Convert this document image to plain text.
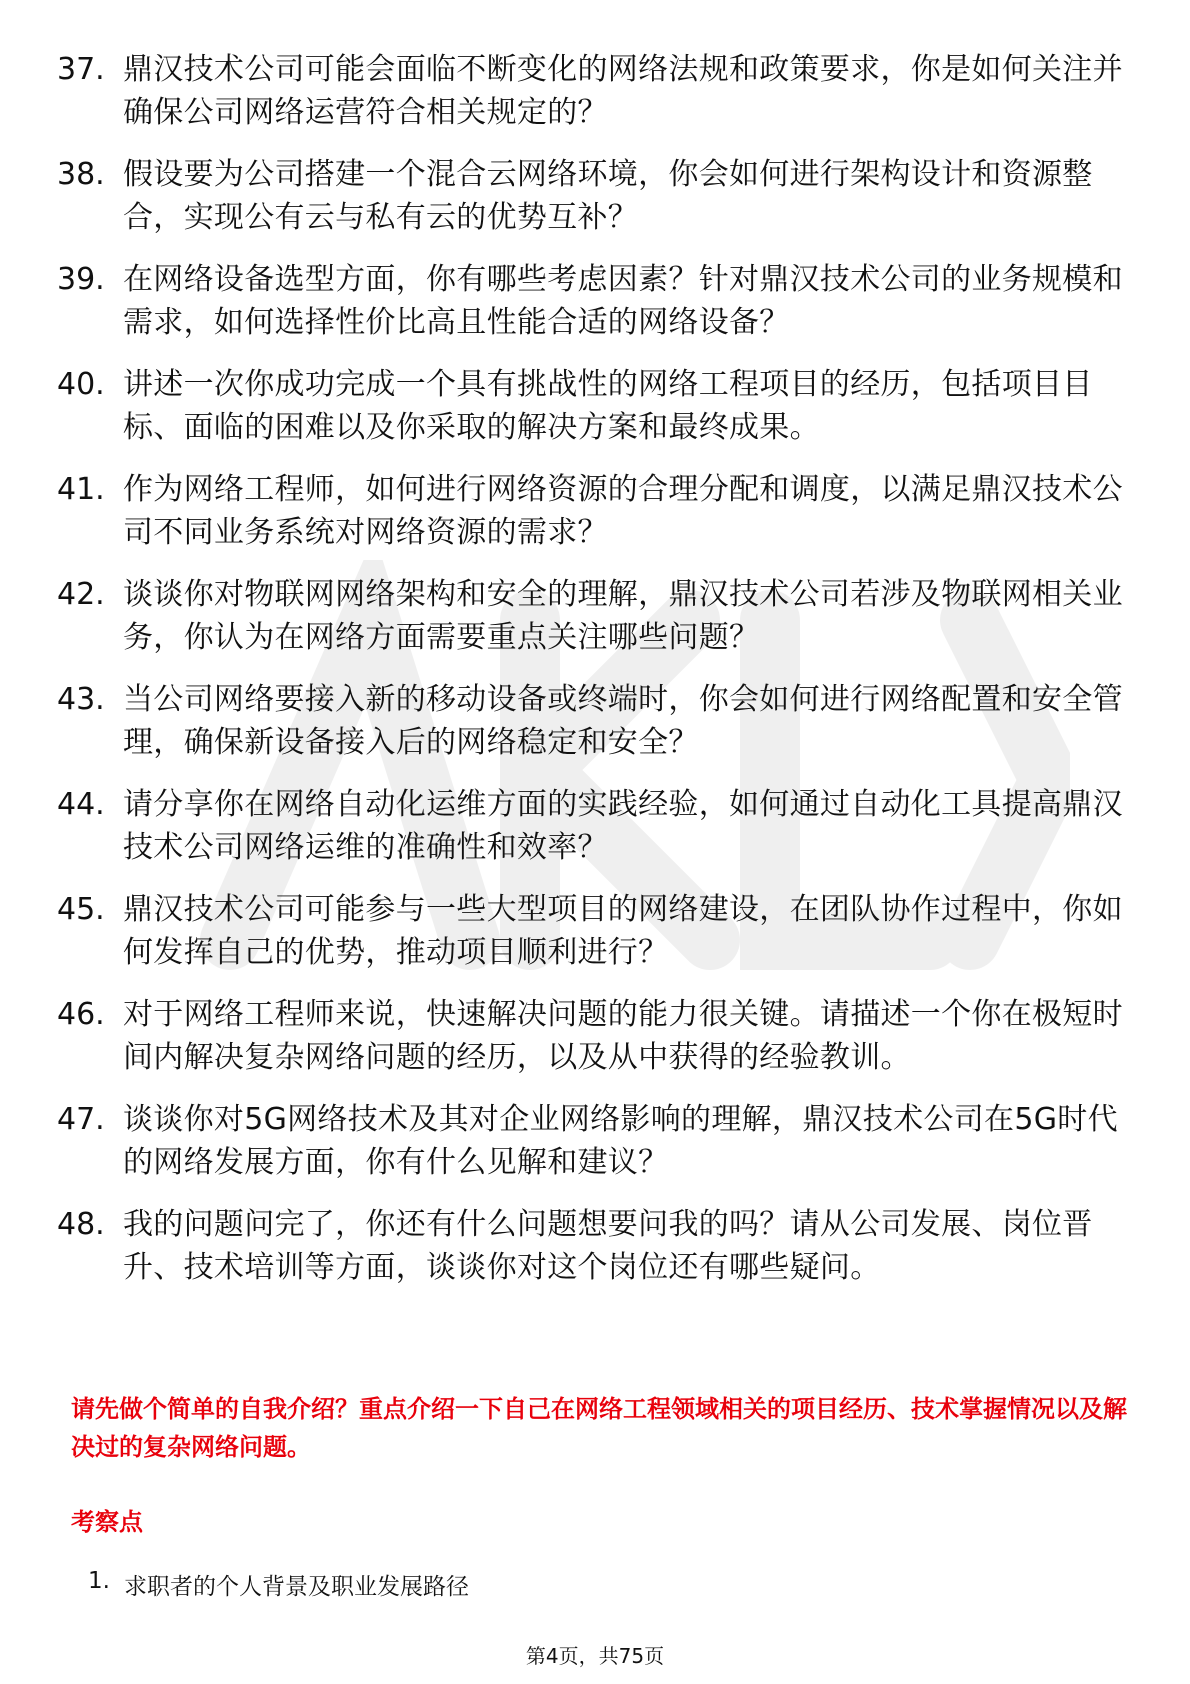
37. 鼎汉技术公司可能会面临不断变化的网络法规和政策要求，你是如何关注并确保公司网络运营符合相关规定的？
38. 假设要为公司搭建一个混合云网络环境，你会如何进行架构设计和资源整合，实现公有云与私有云的优势互补？
39. 在网络设备选型方面，你有哪些考虑因素？针对鼎汉技术公司的业务规模和需求，如何选择性价比高且性能合适的网络设备？
40. 讲述一次你成功完成一个具有挑战性的网络工程项目的经历，包括项目目标、面临的困难以及你采取的解决方案和最终成果。
41. 作为网络工程师，如何进行网络资源的合理分配和调度，以满足鼎汉技术公司不同业务系统对网络资源的需求？
42. 谈谈你对物联网网络架构和安全的理解，鼎汉技术公司若涉及物联网相关业务，你认为在网络方面需要重点关注哪些问题？
43. 当公司网络要接入新的移动设备或终端时，你会如何进行网络配置和安全管理，确保新设备接入后的网络稳定和安全？
44. 请分享你在网络自动化运维方面的实践经验，如何通过自动化工具提高鼎汉技术公司网络运维的准确性和效率？
45. 鼎汉技术公司可能参与一些大型项目的网络建设，在团队协作过程中，你如何发挥自己的优势，推动项目顺利进行？
46. 对于网络工程师来说，快速解决问题的能力很关键。请描述一个你在极短时间内解决复杂网络问题的经历，以及从中获得的经验教训。
47. 谈谈你对5G网络技术及其对企业网络影响的理解，鼎汉技术公司在5G时代的网络发展方面，你有什么见解和建议？
48. 我的问题问完了，你还有什么问题想要问我的吗？请从公司发展、岗位晋升、技术培训等方面，谈谈你对这个岗位还有哪些疑问。
请先做个简单的自我介绍？重点介绍一下自己在网络工程领域相关的项目经历、技术掌握情况以及解决过的复杂网络问题。
考察点
1. 求职者的个人背景及职业发展路径
第4页，共75页
